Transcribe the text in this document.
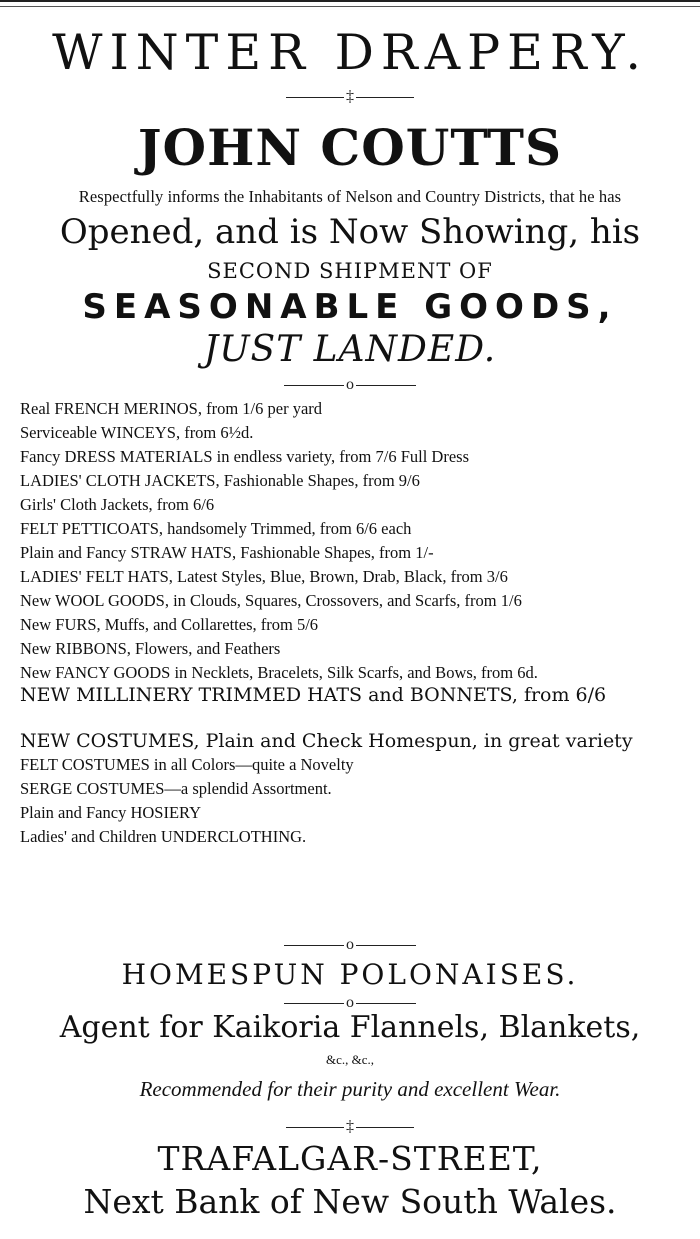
WINTER DRAPERY.
‡
JOHN COUTTS
Respectfully informs the Inhabitants of Nelson and Country Districts, that he has
Opened, and is Now Showing, his
SECOND SHIPMENT OF
SEASONABLE GOODS,
JUST LANDED.
o
Real FRENCH MERINOS, from 1/6 per yard
Serviceable WINCEYS, from 6½d.
Fancy DRESS MATERIALS in endless variety, from 7/6 Full Dress
LADIES' CLOTH JACKETS, Fashionable Shapes, from 9/6
Girls' Cloth Jackets, from 6/6
FELT PETTICOATS, handsomely Trimmed, from 6/6 each
Plain and Fancy STRAW HATS, Fashionable Shapes, from 1/-
LADIES' FELT HATS, Latest Styles, Blue, Brown, Drab, Black, from 3/6
New WOOL GOODS, in Clouds, Squares, Crossovers, and Scarfs, from 1/6
New FURS, Muffs, and Collarettes, from 5/6
New RIBBONS, Flowers, and Feathers
New FANCY GOODS in Necklets, Bracelets, Silk Scarfs, and Bows, from 6d.
NEW MILLINERY TRIMMED HATS and BONNETS, from 6/6
NEW COSTUMES, Plain and Check Homespun, in great variety
FELT COSTUMES in all Colors—quite a Novelty
SERGE COSTUMES—a splendid Assortment.
Plain and Fancy HOSIERY
Ladies' and Children UNDERCLOTHING.
o
HOMESPUN POLONAISES.
o
Agent for Kaikoria Flannels, Blankets,
&c., &c.,
Recommended for their purity and excellent Wear.
‡
TRAFALGAR-STREET,
Next Bank of New South Wales.
